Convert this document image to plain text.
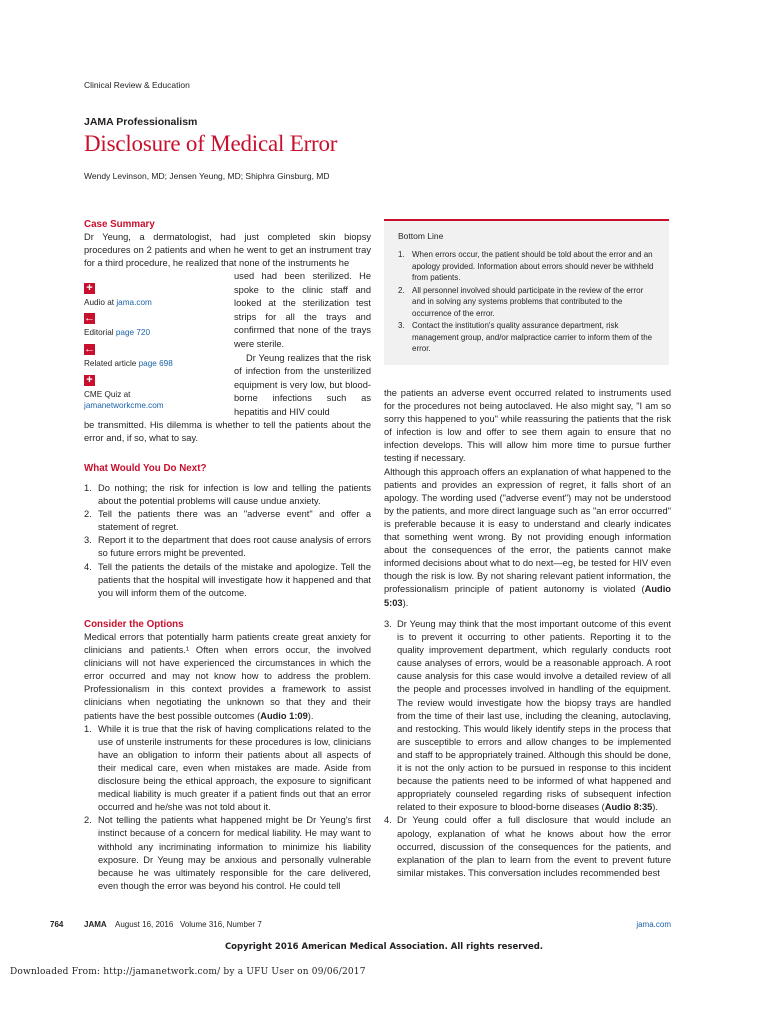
Clinical Review & Education
JAMA Professionalism
Disclosure of Medical Error
Wendy Levinson, MD; Jensen Yeung, MD; Shiphra Ginsburg, MD
Case Summary
Dr Yeung, a dermatologist, had just completed skin biopsy procedures on 2 patients and when he went to get an instrument tray for a third procedure, he realized that none of the instruments he

used had been sterilized. He spoke to the clinic staff and looked at the sterilization test strips for all the trays and confirmed that none of the trays were sterile.

Dr Yeung realizes that the risk of infection from the unsterilized equipment is very low, but blood-borne infections such as hepatitis and HIV could

be transmitted. His dilemma is whether to tell the patients about the error and, if so, what to say.
+
Audio at jama.com
←
Editorial page 720
←
Related article page 698
+
CME Quiz at
jamanetworkcme.com
What Would You Do Next?
1. Do nothing; the risk for infection is low and telling the patients about the potential problems will cause undue anxiety.
2. Tell the patients there was an "adverse event" and offer a statement of regret.
3. Report it to the department that does root cause analysis of errors so future errors might be prevented.
4. Tell the patients the details of the mistake and apologize. Tell the patients that the hospital will investigate how it happened and that you will inform them of the outcome.
Consider the Options

Medical errors that potentially harm patients create great anxiety for clinicians and patients.¹ Often when errors occur, the involved clinicians will not have experienced the circumstances in which the error occurred and may not know how to address the problem. Professionalism in this context provides a framework to assist clinicians when negotiating the unknown so that they and their patients have the best possible outcomes (Audio 1:09).

1. While it is true that the risk of having complications related to the use of unsterile instruments for these procedures is low, clinicians have an obligation to inform their patients about all aspects of their medical care, even when mistakes are made. Aside from disclosure being the ethical approach, the exposure to significant medical liability is much greater if a patient finds out that an error occurred and he/she was not told about it.
2. Not telling the patients what happened might be Dr Yeung's first instinct because of a concern for medical liability. He may want to withhold any incriminating information to minimize his liability exposure. Dr Yeung may be anxious and personally vulnerable because he was ultimately responsible for the care delivered, even though the error was beyond his control. He could tell
Bottom Line
1. When errors occur, the patient should be told about the error and an apology provided. Information about errors should never be withheld from patients.
2. All personnel involved should participate in the review of the error and in solving any systems problems that contributed to the occurrence of the error.
3. Contact the institution's quality assurance department, risk management group, and/or malpractice carrier to inform them of the error.

the patients an adverse event occurred related to instruments used for the procedures not being autoclaved. He also might say, "I am so sorry this happened to you" while reassuring the patients that the risk of infection is low and offer to see them again to ensure that no infection develops. This will allow him more time to pursue further testing if necessary.

Although this approach offers an explanation of what happened to the patients and provides an expression of regret, it falls short of an apology. The wording used ("adverse event") may not be understood by the patients, and more direct language such as "an error occurred" is preferable because it is easy to understand and clearly indicates that something went wrong. By not providing enough information about the consequences of the error, the patients cannot make informed decisions about what to do next—eg, be tested for HIV even though the risk is low. By not sharing relevant patient information, the professionalism principle of patient autonomy is violated (Audio 5:03).

3. Dr Yeung may think that the most important outcome of this event is to prevent it occurring to other patients. Reporting it to the quality improvement department, which regularly conducts root cause analyses of errors, would be a reasonable approach. A root cause analysis for this case would involve a detailed review of all the people and processes involved in handling of the equipment. The review would investigate how the biopsy trays are handled from the time of their last use, including the cleaning, autoclaving, and restocking. This would likely identify steps in the process that are susceptible to errors and allow changes to be implemented and staff to be appropriately trained. Although this should be done, it is not the only action to be pursued in response to this incident because the patients need to be informed of what happened and appropriately counseled regarding risks of subsequent infection related to their exposure to blood-borne diseases (Audio 8:35).
4. Dr Yeung could offer a full disclosure that would include an apology, explanation of what he knows about how the error occurred, discussion of the consequences for the patients, and explanation of the plan to learn from the event to prevent future similar mistakes. This conversation includes recommended best
764	JAMA August 16, 2016   Volume 316, Number 7	jama.com
Copyright 2016 American Medical Association. All rights reserved.
Downloaded From: http://jamanetwork.com/ by a UFU User on 09/06/2017
